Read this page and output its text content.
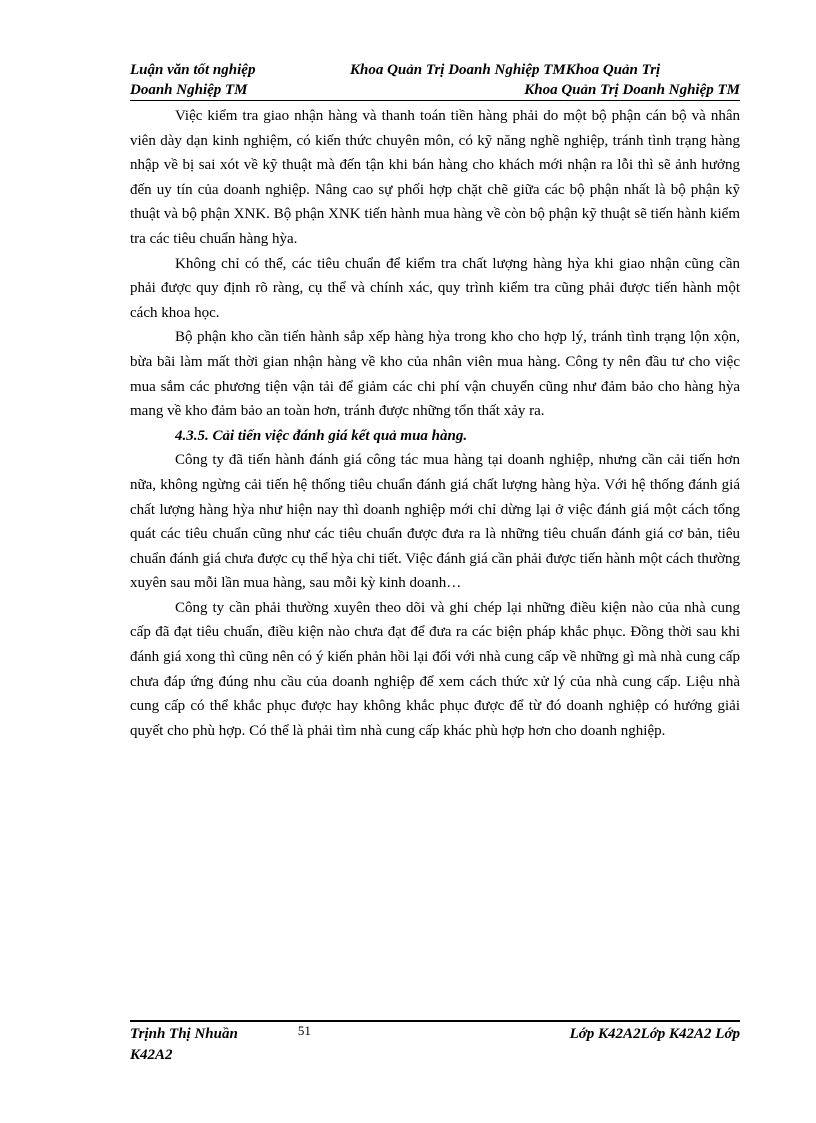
Luận văn tốt nghiệp	Khoa Quản Trị Doanh Nghiệp TMKhoa Quản Trị
Doanh Nghiệp TM	Khoa Quản Trị Doanh Nghiệp TM

Việc kiểm tra giao nhận hàng và thanh toán tiền hàng phải do một bộ phận cán bộ và nhân viên dày dạn kinh nghiệm, có kiến thức chuyên môn, có kỹ năng nghề nghiệp, tránh tình trạng hàng nhập về bị sai xót về kỹ thuật mà đến tận khi bán hàng cho khách mới nhận ra lỗi thì sẽ ảnh hưởng đến uy tín của doanh nghiệp. Nâng cao sự phối hợp chặt chẽ giữa các bộ phận nhất là bộ phận kỹ thuật và bộ phận XNK. Bộ phận XNK tiến hành mua hàng về còn bộ phận kỹ thuật sẽ tiến hành kiểm tra các tiêu chuẩn hàng hỳa.

Không chỉ có thế, các tiêu chuẩn để kiểm tra chất lượng hàng hỳa khi giao nhận cũng cần phải được quy định rõ ràng, cụ thể và chính xác, quy trình kiểm tra cũng phải được tiến hành một cách khoa học.

Bộ phận kho cần tiến hành sắp xếp hàng hỳa trong kho cho hợp lý, tránh tình trạng lộn xộn, bừa bãi làm mất thời gian nhận hàng về kho của nhân viên mua hàng. Công ty nên đầu tư cho việc mua sắm các phương tiện vận tải để giảm các chi phí vận chuyển cũng như đảm bảo cho hàng hỳa mang về kho đảm bảo an toàn hơn, tránh được những tổn thất xảy ra.

4.3.5. Cải tiến việc đánh giá kết quả mua hàng.

Công ty đã tiến hành đánh giá công tác mua hàng tại doanh nghiệp, nhưng cần cải tiến hơn nữa, không ngừng cải tiến hệ thống tiêu chuẩn đánh giá chất lượng hàng hỳa. Với hệ thống đánh giá chất lượng hàng hỳa như hiện nay thì doanh nghiệp mới chỉ dừng lại ở việc đánh giá một cách tổng quát các tiêu chuẩn cũng như các tiêu chuẩn được đưa ra là những tiêu chuẩn đánh giá cơ bản, tiêu chuẩn đánh giá chưa được cụ thể hỳa chi tiết. Việc đánh giá cần phải được tiến hành một cách thường xuyên sau mỗi lần mua hàng, sau mỗi kỳ kinh doanh…

Công ty cần phải thường xuyên theo dõi và ghi chép lại những điều kiện nào của nhà cung cấp đã đạt tiêu chuẩn, điều kiện nào chưa đạt để đưa ra các biện pháp khắc phục. Đồng thời sau khi đánh giá xong thì cũng nên có ý kiến phản hồi lại đối với nhà cung cấp về những gì mà nhà cung cấp chưa đáp ứng đúng nhu cầu của doanh nghiệp để xem cách thức xử lý của nhà cung cấp. Liệu nhà cung cấp có thể khắc phục được hay không khắc phục được để từ đó doanh nghiệp có hướng giải quyết cho phù hợp. Có thể là phải tìm nhà cung cấp khác phù hợp hơn cho doanh nghiệp.

Trịnh Thị Nhuần	51	Lớp K42A2Lớp K42A2 Lớp
K42A2
